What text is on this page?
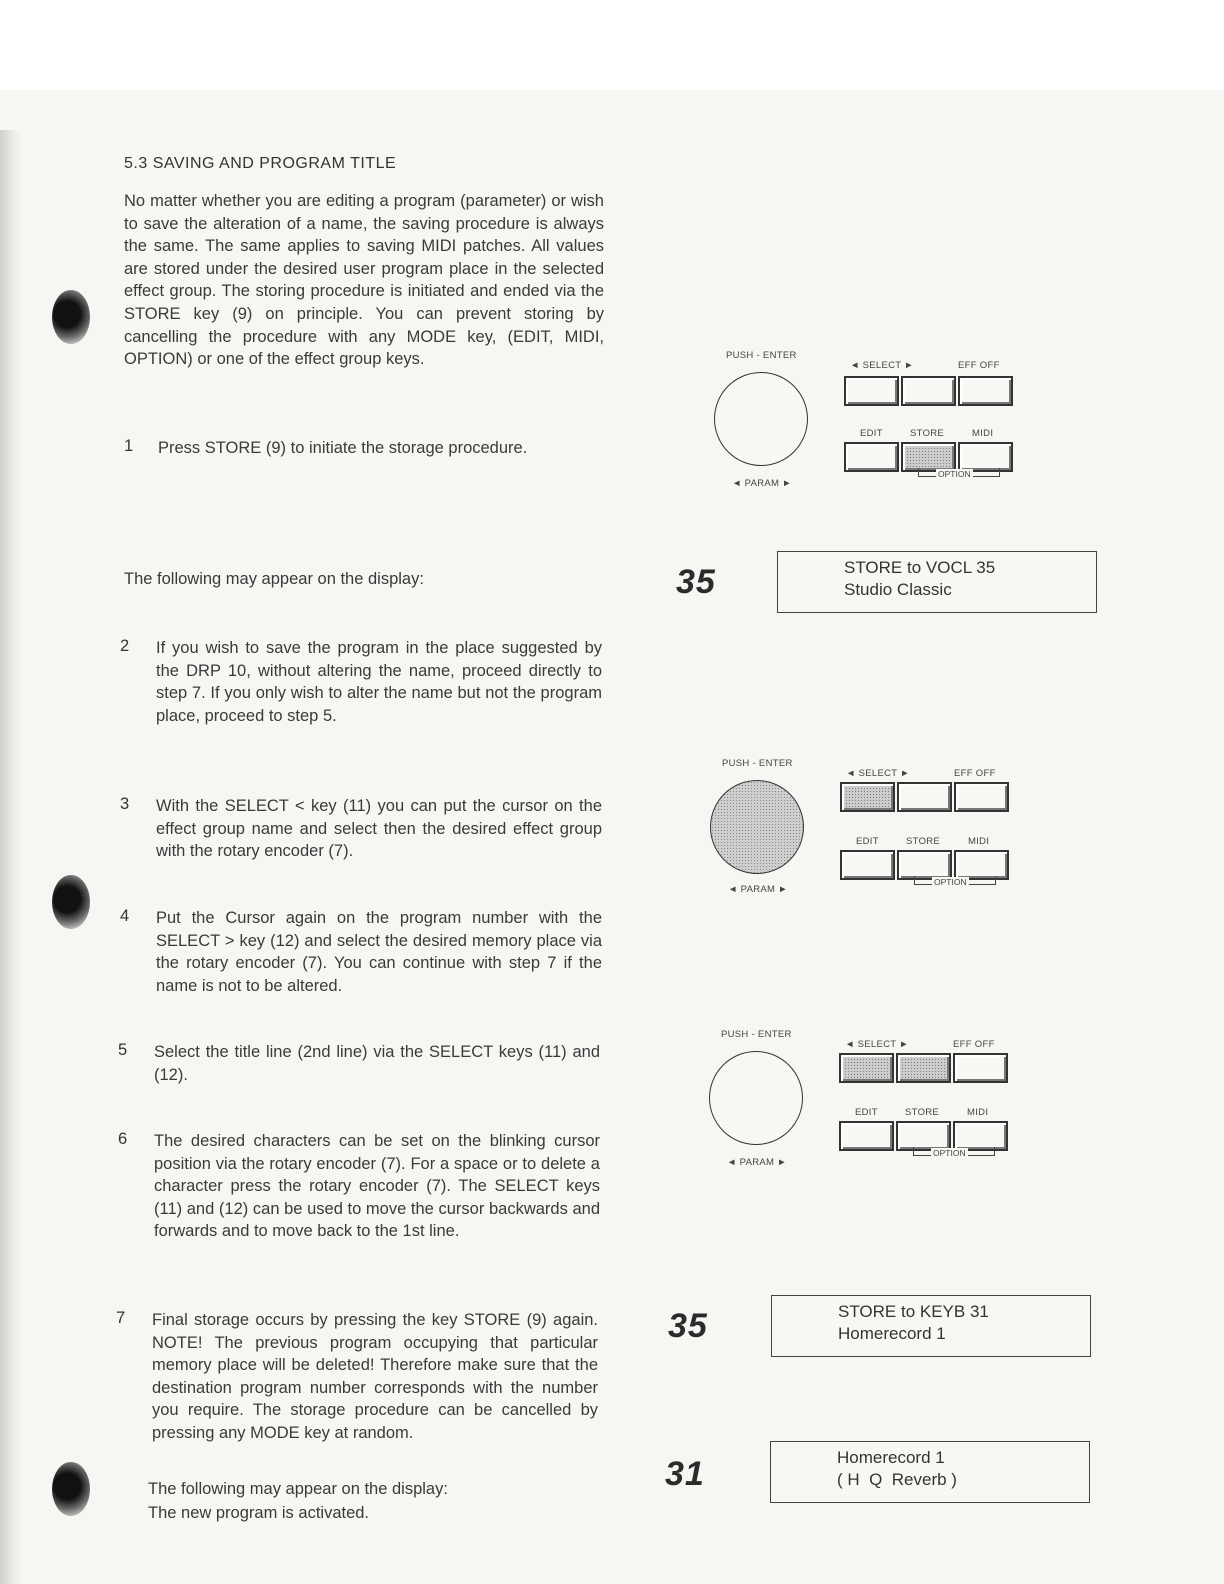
5.3 SAVING AND PROGRAM TITLE
No matter whether you are editing a program (parameter) or wish to save the alteration of a name, the saving procedure is always the same. The same applies to saving MIDI patches. All values are stored under the desired user program place in the selected effect group. The storing procedure is initiated and ended via the STORE key (9) on principle. You can prevent storing by cancelling the procedure with any MODE key, (EDIT, MIDI, OPTION) or one of the effect group keys.
1 Press STORE (9) to initiate the storage procedure.
PUSH - ENTER
◄ PARAM ►
◄ SELECT ►	EFF OFF
EDIT	STORE	MIDI
OPTION
The following may appear on the display:	35	STORE to VOCL 35
Studio Classic
2 If you wish to save the program in the place suggested by the DRP 10, without altering the name, proceed directly to step 7. If you only wish to alter the name but not the program place, proceed to step 5.
PUSH - ENTER
◄ PARAM ►
◄ SELECT ►	EFF OFF
EDIT	STORE	MIDI
OPTION
3 With the SELECT < key (11) you can put the cursor on the effect group name and select then the desired effect group with the rotary encoder (7).
4 Put the Cursor again on the program number with the SELECT > key (12) and select the desired memory place via the rotary encoder (7). You can continue with step 7 if the name is not to be altered.
PUSH - ENTER
◄ PARAM ►
◄ SELECT ►	EFF OFF
EDIT	STORE	MIDI
OPTION
5 Select the title line (2nd line) via the SELECT keys (11) and (12).
6 The desired characters can be set on the blinking cursor position via the rotary encoder (7). For a space or to delete a character press the rotary encoder (7). The SELECT keys (11) and (12) can be used to move the cursor backwards and forwards and to move back to the 1st line.
7 Final storage occurs by pressing the key STORE (9) again. NOTE! The previous program occupying that particular memory place will be deleted! Therefore make sure that the destination program number corresponds with the number you require. The storage procedure can be cancelled by pressing any MODE key at random.
35	STORE to KEYB 31
Homerecord 1
The following may appear on the display:
The new program is activated.
31	Homerecord 1
( H  Q  Reverb )
